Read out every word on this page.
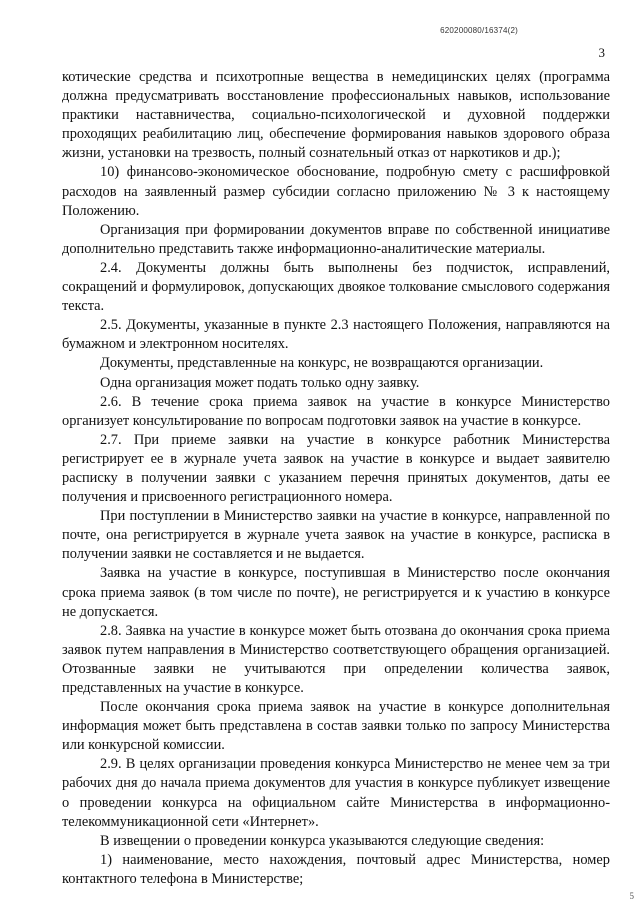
620200080/16374(2)
3

котические средства и психотропные вещества в немедицинских целях (программа должна предусматривать восстановление профессиональных навыков, использование практики наставничества, социально-психологической и духовной поддержки проходящих реабилитацию лиц, обеспечение формирования навыков здорового образа жизни, установки на трезвость, полный сознательный отказ от наркотиков и др.);

10) финансово-экономическое обоснование, подробную смету с расшифровкой расходов на заявленный размер субсидии согласно приложению № 3 к настоящему Положению.

Организация при формировании документов вправе по собственной инициативе дополнительно представить также информационно-аналитические материалы.

2.4. Документы должны быть выполнены без подчисток, исправлений, сокращений и формулировок, допускающих двоякое толкование смыслового содержания текста.

2.5. Документы, указанные в пункте 2.3 настоящего Положения, направляются на бумажном и электронном носителях.

Документы, представленные на конкурс, не возвращаются организации.

Одна организация может подать только одну заявку.

2.6. В течение срока приема заявок на участие в конкурсе Министерство организует консультирование по вопросам подготовки заявок на участие в конкурсе.

2.7. При приеме заявки на участие в конкурсе работник Министерства регистрирует ее в журнале учета заявок на участие в конкурсе и выдает заявителю расписку в получении заявки с указанием перечня принятых документов, даты ее получения и присвоенного регистрационного номера.

При поступлении в Министерство заявки на участие в конкурсе, направленной по почте, она регистрируется в журнале учета заявок на участие в конкурсе, расписка в получении заявки не составляется и не выдается.

Заявка на участие в конкурсе, поступившая в Министерство после окончания срока приема заявок (в том числе по почте), не регистрируется и к участию в конкурсе не допускается.

2.8. Заявка на участие в конкурсе может быть отозвана до окончания срока приема заявок путем направления в Министерство соответствующего обращения организацией. Отозванные заявки не учитываются при определении количества заявок, представленных на участие в конкурсе.

После окончания срока приема заявок на участие в конкурсе дополнительная информация может быть представлена в состав заявки только по запросу Министерства или конкурсной комиссии.

2.9. В целях организации проведения конкурса Министерство не менее чем за три рабочих дня до начала приема документов для участия в конкурсе публикует извещение о проведении конкурса на официальном сайте Министерства в информационно-телекоммуникационной сети «Интернет».

В извещении о проведении конкурса указываются следующие сведения:

1) наименование, место нахождения, почтовый адрес Министерства, номер контактного телефона в Министерстве;

5
